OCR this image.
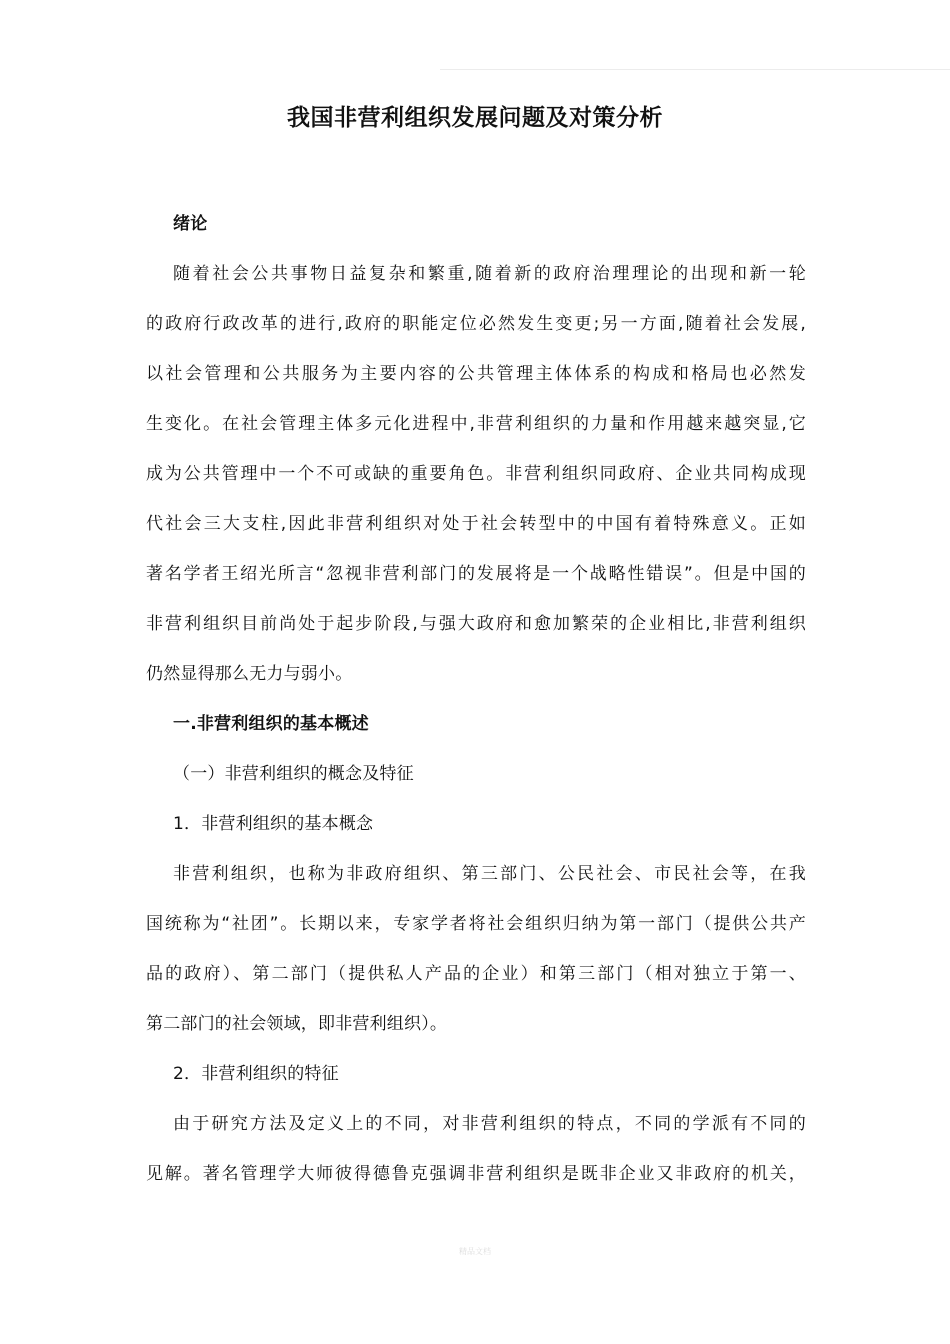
我国非营利组织发展问题及对策分析
绪论
随着社会公共事物日益复杂和繁重,随着新的政府治理理论的出现和新一轮
的政府行政改革的进行,政府的职能定位必然发生变更;另一方面,随着社会发展,
以社会管理和公共服务为主要内容的公共管理主体体系的构成和格局也必然发
生变化。在社会管理主体多元化进程中,非营利组织的力量和作用越来越突显,它
成为公共管理中一个不可或缺的重要角色。非营利组织同政府、企业共同构成现
代社会三大支柱,因此非营利组织对处于社会转型中的中国有着特殊意义。正如
著名学者王绍光所言“忽视非营利部门的发展将是一个战略性错误”。但是中国的
非营利组织目前尚处于起步阶段,与强大政府和愈加繁荣的企业相比,非营利组织
仍然显得那么无力与弱小。
一.非营利组织的基本概述
（一）非营利组织的概念及特征
1．非营利组织的基本概念
非营利组织，也称为非政府组织、第三部门、公民社会、市民社会等，在我
国统称为“社团”。长期以来，专家学者将社会组织归纳为第一部门（提供公共产
品的政府）、第二部门（提供私人产品的企业）和第三部门（相对独立于第一、
第二部门的社会领域，即非营利组织）。
2．非营利组织的特征
由于研究方法及定义上的不同，对非营利组织的特点，不同的学派有不同的
见解。著名管理学大师彼得德鲁克强调非营利组织是既非企业又非政府的机关，
精品文档
